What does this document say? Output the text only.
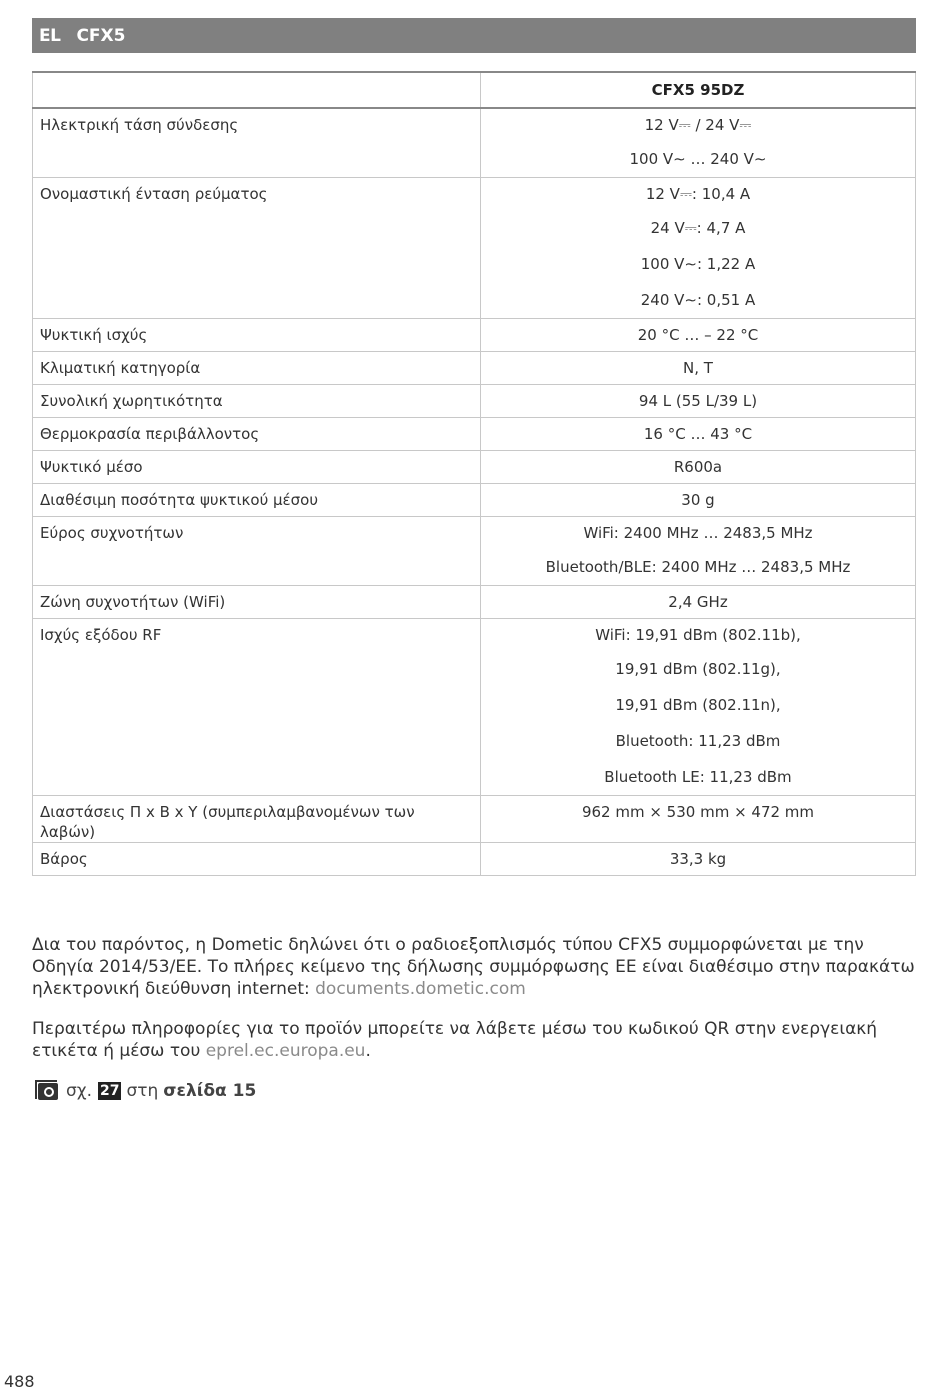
EL CFX5
	CFX5 95DZ
Ηλεκτρική τάση σύνδεσης	12 V⎓ / 24 V⎓
100 V∼ … 240 V∼

Ονομαστική ένταση ρεύματος	12 V⎓: 10,4 A
24 V⎓: 4,7 A
100 V∼: 1,22 A
240 V∼: 0,51 A

Ψυκτική ισχύς	20 °C … – 22 °C

Κλιματική κατηγορία	N, T

Συνολική χωρητικότητα	94 L (55 L/39 L)

Θερμοκρασία περιβάλλοντος	16 °C … 43 °C

Ψυκτικό μέσο	R600a

Διαθέσιμη ποσότητα ψυκτικού μέσου	30 g

Εύρος συχνοτήτων	WiFi: 2400 MHz … 2483,5 MHz
Bluetooth/BLE: 2400 MHz … 2483,5 MHz

Ζώνη συχνοτήτων (WiFi)	2,4 GHz

Ισχύς εξόδου RF	WiFi: 19,91 dBm (802.11b),
19,91 dBm (802.11g),
19,91 dBm (802.11n),
Bluetooth: 11,23 dBm
Bluetooth LE: 11,23 dBm

Διαστάσεις Π x B x Y (συμπεριλαμβανομένων των λαβών)	962 mm × 530 mm × 472 mm

Βάρος	33,3 kg
Δια του παρόντος, η Dometic δηλώνει ότι ο ραδιοεξοπλισμός τύπου CFX5 συμμορφώνεται με την Οδηγία 2014/53/ΕΕ. Το πλήρες κείμενο της δήλωσης συμμόρφωσης ΕΕ είναι διαθέσιμο στην παρακάτω ηλεκτρονική διεύθυνση internet: documents.dometic.com
Περαιτέρω πληροφορίες για το προϊόν μπορείτε να λάβετε μέσω του κωδικού QR στην ενεργειακή ετικέτα ή μέσω του eprel.ec.europa.eu.
σχ. 27 στη σελίδα 15
488
